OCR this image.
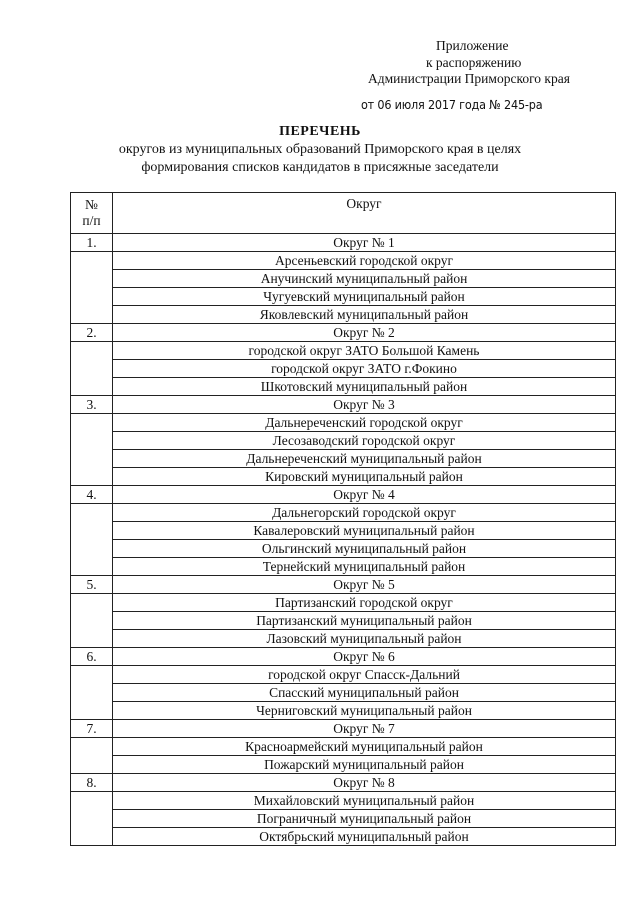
Приложение
к распоряжению
Администрации Приморского края
от 06 июля 2017 года № 245-ра
ПЕРЕЧЕНЬ
округов из муниципальных образований Приморского края в целях
формирования списков кандидатов в присяжные заседатели
№
п/п	Округ
1.	Округ № 1
	Арсеньевский городской округ
	Анучинский муниципальный район
	Чугуевский муниципальный район
	Яковлевский муниципальный район
2.	Округ № 2
	городской округ ЗАТО Большой Камень
	городской округ ЗАТО г.Фокино
	Шкотовский муниципальный район
3.	Округ № 3
	Дальнереченский городской округ
	Лесозаводский городской округ
	Дальнереченский муниципальный район
	Кировский муниципальный район
4.	Округ № 4
	Дальнегорский городской округ
	Кавалеровский муниципальный район
	Ольгинский муниципальный район
	Тернейский муниципальный район
5.	Округ № 5
	Партизанский городской округ
	Партизанский муниципальный район
	Лазовский муниципальный район
6.	Округ № 6
	городской округ Спасск-Дальний
	Спасский муниципальный район
	Черниговский муниципальный район
7.	Округ № 7
	Красноармейский муниципальный район
	Пожарский муниципальный район
8.	Округ № 8
	Михайловский муниципальный район
	Пограничный муниципальный район
	Октябрьский муниципальный район
